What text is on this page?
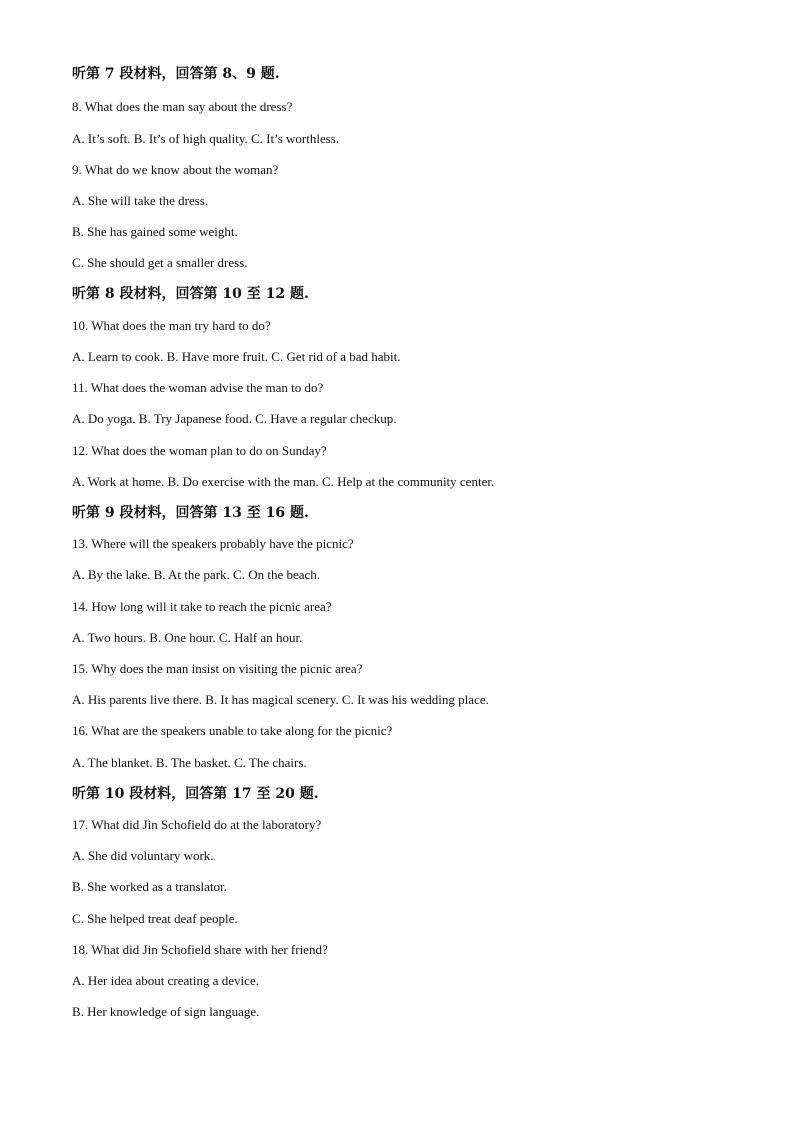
听第 7 段材料，回答第 8、9 题.
8. What does the man say about the dress?
A. It’s soft. B. It’s of high quality. C. It’s worthless.
9. What do we know about the woman?
A. She will take the dress.
B. She has gained some weight.
C. She should get a smaller dress.
听第 8 段材料，回答第 10 至 12 题.
10. What does the man try hard to do?
A. Learn to cook. B. Have more fruit. C. Get rid of a bad habit.
11. What does the woman advise the man to do?
A. Do yoga. B. Try Japanese food. C. Have a regular checkup.
12. What does the woman plan to do on Sunday?
A. Work at home. B. Do exercise with the man. C. Help at the community center.
听第 9 段材料，回答第 13 至 16 题.
13. Where will the speakers probably have the picnic?
A. By the lake. B. At the park. C. On the beach.
14. How long will it take to reach the picnic area?
A. Two hours. B. One hour. C. Half an hour.
15. Why does the man insist on visiting the picnic area?
A. His parents live there. B. It has magical scenery. C. It was his wedding place.
16. What are the speakers unable to take along for the picnic?
A. The blanket. B. The basket. C. The chairs.
听第 10 段材料，回答第 17 至 20 题.
17. What did Jin Schofield do at the laboratory?
A. She did voluntary work.
B. She worked as a translator.
C. She helped treat deaf people.
18. What did Jin Schofield share with her friend?
A. Her idea about creating a device.
B. Her knowledge of sign language.
